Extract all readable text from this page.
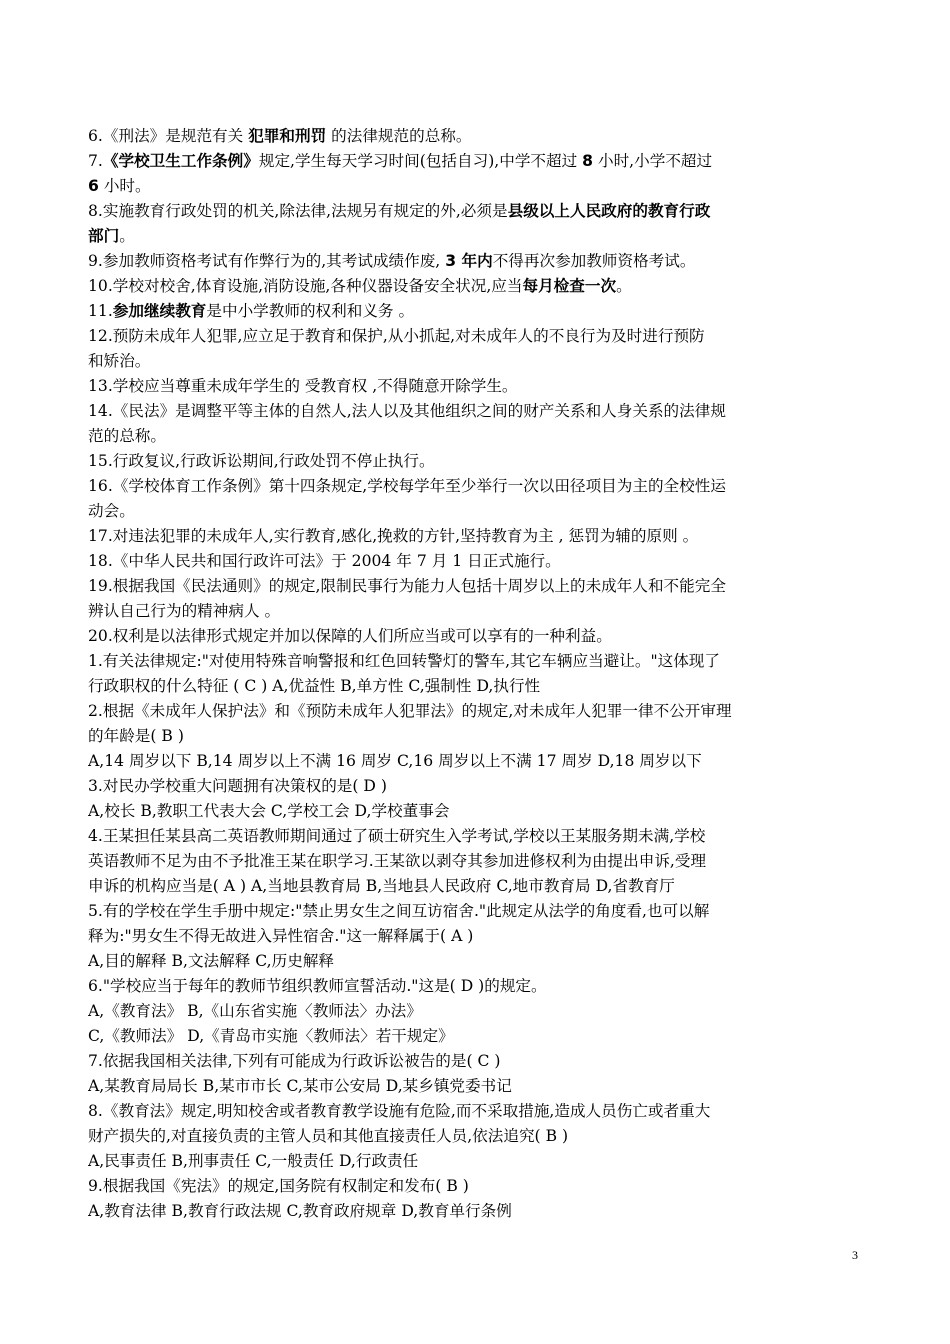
6.《刑法》是规范有关 犯罪和刑罚 的法律规范的总称。
7.《学校卫生工作条例》规定,学生每天学习时间(包括自习),中学不超过 8 小时,小学不超过
6 小时。
8.实施教育行政处罚的机关,除法律,法规另有规定的外,必须是县级以上人民政府的教育行政
部门。
9.参加教师资格考试有作弊行为的,其考试成绩作废, 3 年内不得再次参加教师资格考试。
10.学校对校舍,体育设施,消防设施,各种仪器设备安全状况,应当每月检查一次。
11.参加继续教育是中小学教师的权利和义务 。
12.预防未成年人犯罪,应立足于教育和保护,从小抓起,对未成年人的不良行为及时进行预防
和矫治。
13.学校应当尊重未成年学生的 受教育权 ,不得随意开除学生。
14.《民法》是调整平等主体的自然人,法人以及其他组织之间的财产关系和人身关系的法律规
范的总称。
15.行政复议,行政诉讼期间,行政处罚不停止执行。
16.《学校体育工作条例》第十四条规定,学校每学年至少举行一次以田径项目为主的全校性运
动会。
17.对违法犯罪的未成年人,实行教育,感化,挽救的方针,坚持教育为主 , 惩罚为辅的原则 。
18.《中华人民共和国行政许可法》于 2004 年 7 月 1 日正式施行。
19.根据我国《民法通则》的规定,限制民事行为能力人包括十周岁以上的未成年人和不能完全
辨认自己行为的精神病人 。
20.权利是以法律形式规定并加以保障的人们所应当或可以享有的一种利益。
1.有关法律规定:"对使用特殊音响警报和红色回转警灯的警车,其它车辆应当避让。"这体现了
行政职权的什么特征 ( C ) A,优益性 B,单方性 C,强制性 D,执行性
2.根据《未成年人保护法》和《预防未成年人犯罪法》的规定,对未成年人犯罪一律不公开审理
的年龄是( B )
A,14 周岁以下 B,14 周岁以上不满 16 周岁 C,16 周岁以上不满 17 周岁 D,18 周岁以下
3.对民办学校重大问题拥有决策权的是( D )
A,校长 B,教职工代表大会 C,学校工会 D,学校董事会
4.王某担任某县高二英语教师期间通过了硕士研究生入学考试,学校以王某服务期未满,学校
英语教师不足为由不予批准王某在职学习.王某欲以剥夺其参加进修权利为由提出申诉,受理
申诉的机构应当是( A ) A,当地县教育局 B,当地县人民政府 C,地市教育局 D,省教育厅
5.有的学校在学生手册中规定:"禁止男女生之间互访宿舍."此规定从法学的角度看,也可以解
释为:"男女生不得无故进入异性宿舍."这一解释属于( A )
A,目的解释 B,文法解释 C,历史解释
6."学校应当于每年的教师节组织教师宣誓活动."这是( D )的规定。
A,《教育法》 B,《山东省实施〈教师法〉办法》
C,《教师法》 D,《青岛市实施〈教师法〉若干规定》
7.依据我国相关法律,下列有可能成为行政诉讼被告的是( C )
A,某教育局局长 B,某市市长 C,某市公安局 D,某乡镇党委书记
8.《教育法》规定,明知校舍或者教育教学设施有危险,而不采取措施,造成人员伤亡或者重大
财产损失的,对直接负责的主管人员和其他直接责任人员,依法追究( B )
A,民事责任 B,刑事责任 C,一般责任 D,行政责任
9.根据我国《宪法》的规定,国务院有权制定和发布( B )
A,教育法律 B,教育行政法规 C,教育政府规章 D,教育单行条例
3
